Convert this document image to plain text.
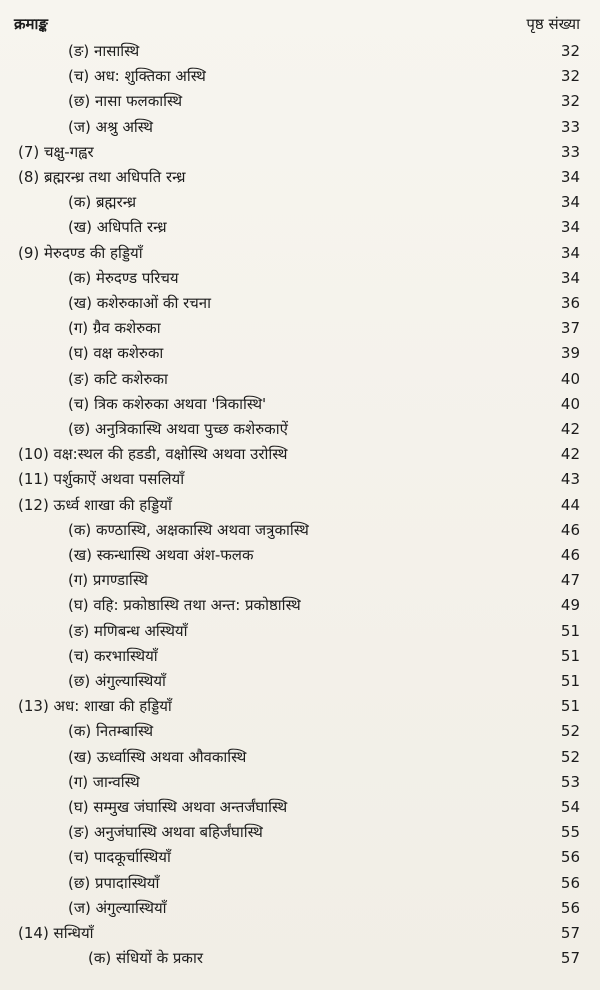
क्रमाङ्क	पृष्ठ संख्या
(ङ) नासास्थि	32
(च) अध: शुक्तिका अस्थि	32
(छ) नासा फलकास्थि	32
(ज) अश्रु अस्थि	33
(7) चक्षु-गह्वर	33
(8) ब्रह्मरन्ध्र तथा अधिपति रन्ध्र	34
(क) ब्रह्मरन्ध्र	34
(ख) अधिपति रन्ध्र	34
(9) मेरुदण्ड की हड्डियाँ	34
(क) मेरुदण्ड परिचय	34
(ख) कशेरुकाओं की रचना	36
(ग) ग्रैव कशेरुका	37
(घ) वक्ष कशेरुका	39
(ङ) कटि कशेरुका	40
(च) त्रिक कशेरुका अथवा 'त्रिकास्थि'	40
(छ) अनुत्रिकास्थि अथवा पुच्छ कशेरुकाऐं	42
(10) वक्ष:स्थल की हडडी, वक्षोस्थि अथवा उरोस्थि	42
(11) पर्शुकाऐं अथवा पसलियाँ	43
(12) ऊर्ध्व शाखा की हड्डियाँ	44
(क) कण्ठास्थि, अक्षकास्थि अथवा जत्रुकास्थि	46
(ख) स्कन्धास्थि अथवा अंश-फलक	46
(ग) प्रगण्डास्थि	47
(घ) वहि: प्रकोष्ठास्थि तथा अन्त: प्रकोष्ठास्थि	49
(ङ) मणिबन्ध अस्थियाँ	51
(च) करभास्थियाँ	51
(छ) अंगुल्यास्थियाँ	51
(13) अध: शाखा की हड्डियाँ	51
(क) नितम्बास्थि	52
(ख) ऊर्ध्वास्थि अथवा औवकास्थि	52
(ग) जान्वस्थि	53
(घ) सम्मुख जंघास्थि अथवा अन्तर्जंघास्थि	54
(ङ) अनुजंघास्थि अथवा बहिर्जंघास्थि	55
(च) पादकूर्चास्थियाँ	56
(छ) प्रपादास्थियाँ	56
(ज) अंगुल्यास्थियाँ	56
(14) सन्धियाँ	57
(क) संधियों के प्रकार	57
